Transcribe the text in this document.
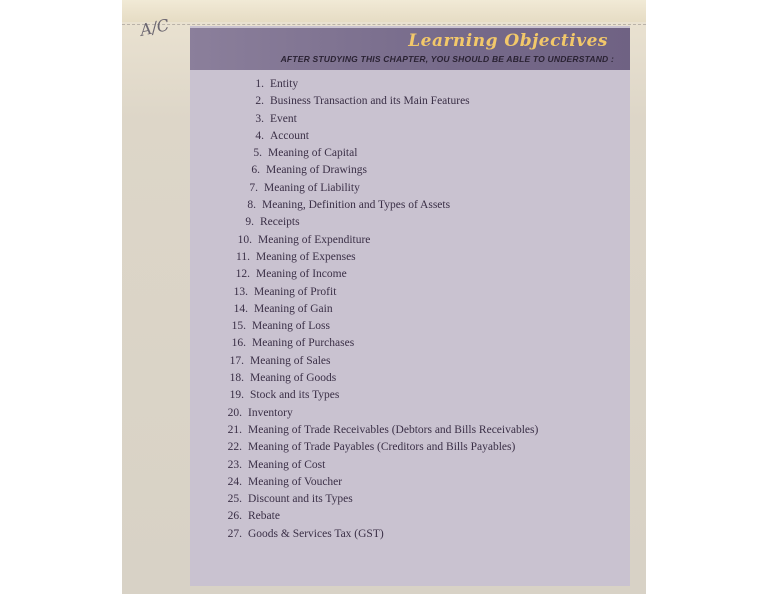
A/C
Learning Objectives
AFTER STUDYING THIS CHAPTER, YOU SHOULD BE ABLE TO UNDERSTAND :
1. Entity
2. Business Transaction and its Main Features
3. Event
4. Account
5. Meaning of Capital
6. Meaning of Drawings
7. Meaning of Liability
8. Meaning, Definition and Types of Assets
9. Receipts
10. Meaning of Expenditure
11. Meaning of Expenses
12. Meaning of Income
13. Meaning of Profit
14. Meaning of Gain
15. Meaning of Loss
16. Meaning of Purchases
17. Meaning of Sales
18. Meaning of Goods
19. Stock and its Types
20. Inventory
21. Meaning of Trade Receivables (Debtors and Bills Receivables)
22. Meaning of Trade Payables (Creditors and Bills Payables)
23. Meaning of Cost
24. Meaning of Voucher
25. Discount and its Types
26. Rebate
27. Goods & Services Tax (GST)
